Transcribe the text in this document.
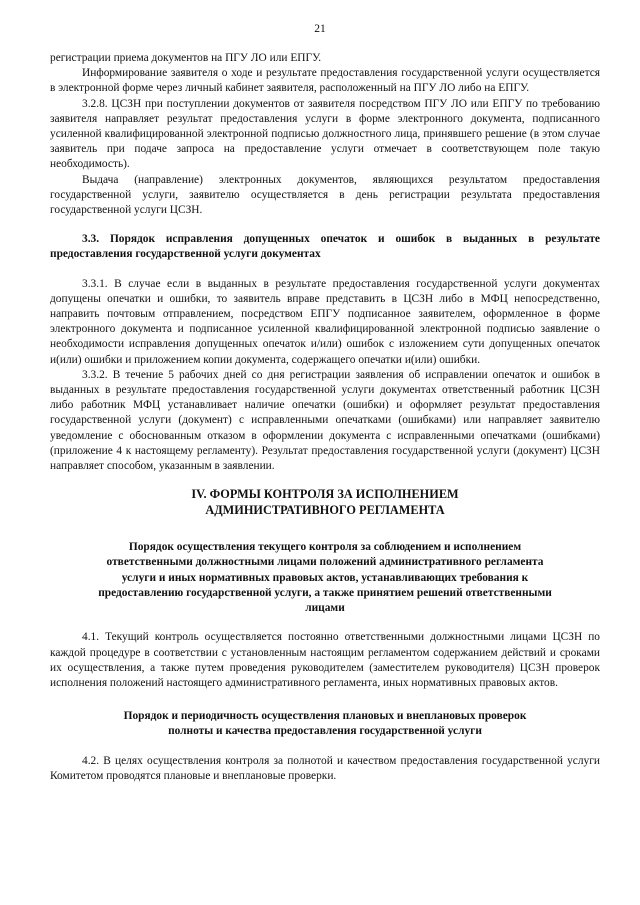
21

регистрации приема документов на ПГУ ЛО или ЕПГУ.

Информирование заявителя о ходе и результате предоставления государственной услуги осуществляется в электронной форме через личный кабинет заявителя, расположенный на ПГУ ЛО либо на ЕПГУ.

3.2.8. ЦСЗН при поступлении документов от заявителя посредством ПГУ ЛО или ЕПГУ по требованию заявителя направляет результат предоставления услуги в форме электронного документа, подписанного усиленной квалифицированной электронной подписью должностного лица, принявшего решение (в этом случае заявитель при подаче запроса на предоставление услуги отмечает в соответствующем поле такую необходимость).

Выдача (направление) электронных документов, являющихся результатом предоставления государственной услуги, заявителю осуществляется в день регистрации результата предоставления государственной услуги ЦСЗН.

3.3. Порядок исправления допущенных опечаток и ошибок в выданных в результате предоставления государственной услуги документах

3.3.1. В случае если в выданных в результате предоставления государственной услуги документах допущены опечатки и ошибки, то заявитель вправе представить в ЦСЗН либо в МФЦ непосредственно, направить почтовым отправлением, посредством ЕПГУ подписанное заявителем, оформленное в форме электронного документа и подписанное усиленной квалифицированной электронной подписью заявление о необходимости исправления допущенных опечаток и/или) ошибок с изложением сути допущенных опечаток и(или) ошибки и приложением копии документа, содержащего опечатки и(или) ошибки.

3.3.2. В течение 5 рабочих дней со дня регистрации заявления об исправлении опечаток и ошибок в выданных в результате предоставления государственной услуги документах ответственный работник ЦСЗН либо работник МФЦ устанавливает наличие опечатки (ошибки) и оформляет результат предоставления государственной услуги (документ) с исправленными опечатками (ошибками) или направляет заявителю уведомление с обоснованным отказом в оформлении документа с исправленными опечатками (ошибками) (приложение 4 к настоящему регламенту). Результат предоставления государственной услуги (документ) ЦСЗН направляет способом, указанным в заявлении.

IV. ФОРМЫ КОНТРОЛЯ ЗА ИСПОЛНЕНИЕМ
АДМИНИСТРАТИВНОГО РЕГЛАМЕНТА
Порядок осуществления текущего контроля за соблюдением и исполнением ответственными должностными лицами положений административного регламента услуги и иных нормативных правовых актов, устанавливающих требования к предоставлению государственной услуги, а также принятием решений ответственными лицами

4.1. Текущий контроль осуществляется постоянно ответственными должностными лицами ЦСЗН по каждой процедуре в соответствии с установленным настоящим регламентом содержанием действий и сроками их осуществления, а также путем проведения руководителем (заместителем руководителя) ЦСЗН проверок исполнения положений настоящего административного регламента, иных нормативных правовых актов.

Порядок и периодичность осуществления плановых и внеплановых проверок полноты и качества предоставления государственной услуги

4.2. В целях осуществления контроля за полнотой и качеством предоставления государственной услуги Комитетом проводятся плановые и внеплановые проверки.
